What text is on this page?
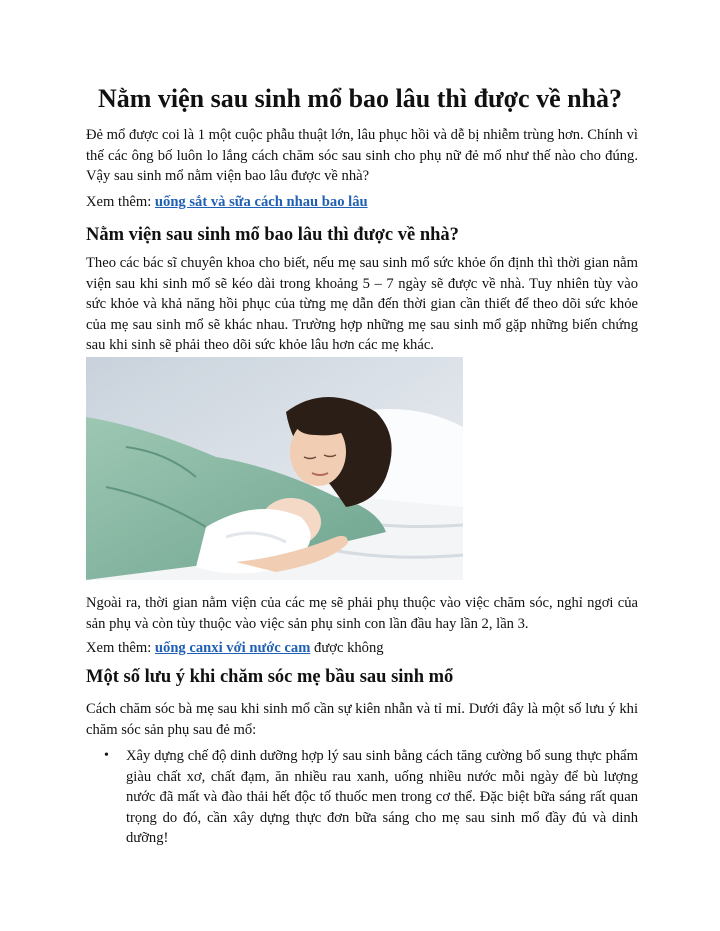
Nằm viện sau sinh mổ bao lâu thì được về nhà?

Đẻ mổ được coi là 1 một cuộc phẫu thuật lớn, lâu phục hồi và dễ bị nhiễm trùng hơn. Chính vì thế các ông bố luôn lo lắng cách chăm sóc sau sinh cho phụ nữ đẻ mổ như thế nào cho đúng. Vậy sau sinh mổ nằm viện bao lâu được về nhà?

Xem thêm: uống sắt và sữa cách nhau bao lâu
Nằm viện sau sinh mổ bao lâu thì được về nhà?

Theo các bác sĩ chuyên khoa cho biết, nếu mẹ sau sinh mổ sức khỏe ổn định thì thời gian nằm viện sau khi sinh mổ sẽ kéo dài trong khoảng 5 – 7 ngày sẽ được về nhà. Tuy nhiên tùy vào sức khỏe và khả năng hồi phục của từng mẹ dẫn đến thời gian cần thiết để theo dõi sức khỏe của mẹ sau sinh mổ sẽ khác nhau. Trường hợp những mẹ sau sinh mổ gặp những biến chứng sau khi sinh sẽ phải theo dõi sức khỏe lâu hơn các mẹ khác.

Ngoài ra, thời gian nằm viện của các mẹ sẽ phải phụ thuộc vào việc chăm sóc, nghỉ ngơi của sản phụ và còn tùy thuộc vào việc sản phụ sinh con lần đầu hay lần 2, lần 3.

Xem thêm: uống canxi với nước cam được không
Một số lưu ý khi chăm sóc mẹ bầu sau sinh mổ

Cách chăm sóc bà mẹ sau khi sinh mổ cần sự kiên nhẫn và tỉ mỉ. Dưới đây là một số lưu ý khi chăm sóc sản phụ sau đẻ mổ:

• Xây dựng chế độ dinh dưỡng hợp lý sau sinh bằng cách tăng cường bổ sung thực phẩm giàu chất xơ, chất đạm, ăn nhiều rau xanh, uống nhiều nước mỗi ngày để bù lượng nước đã mất và đào thải hết độc tố thuốc men trong cơ thể. Đặc biệt bữa sáng rất quan trọng do đó, cần xây dựng thực đơn bữa sáng cho mẹ sau sinh mổ đầy đủ và dinh dưỡng!
